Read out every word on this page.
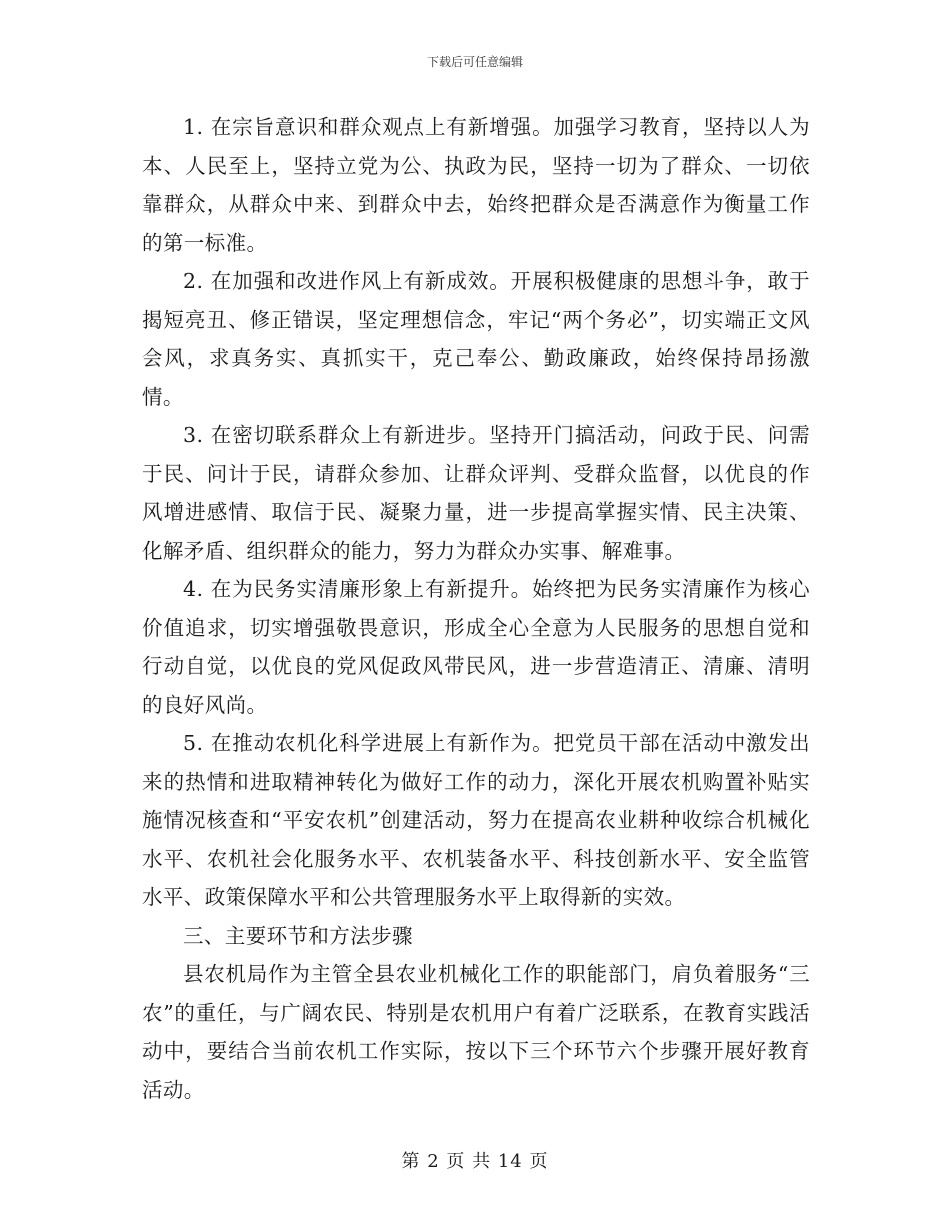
下载后可任意编辑

1. 在宗旨意识和群众观点上有新增强。加强学习教育，坚持以人为本、人民至上，坚持立党为公、执政为民，坚持一切为了群众、一切依靠群众，从群众中来、到群众中去，始终把群众是否满意作为衡量工作的第一标准。

2. 在加强和改进作风上有新成效。开展积极健康的思想斗争，敢于揭短亮丑、修正错误，坚定理想信念，牢记“两个务必”，切实端正文风会风，求真务实、真抓实干，克己奉公、勤政廉政，始终保持昂扬激情。

3. 在密切联系群众上有新进步。坚持开门搞活动，问政于民、问需于民、问计于民，请群众参加、让群众评判、受群众监督，以优良的作风增进感情、取信于民、凝聚力量，进一步提高掌握实情、民主决策、化解矛盾、组织群众的能力，努力为群众办实事、解难事。

4. 在为民务实清廉形象上有新提升。始终把为民务实清廉作为核心价值追求，切实增强敬畏意识，形成全心全意为人民服务的思想自觉和行动自觉，以优良的党风促政风带民风，进一步营造清正、清廉、清明的良好风尚。

5. 在推动农机化科学进展上有新作为。把党员干部在活动中激发出来的热情和进取精神转化为做好工作的动力，深化开展农机购置补贴实施情况核查和“平安农机”创建活动，努力在提高农业耕种收综合机械化水平、农机社会化服务水平、农机装备水平、科技创新水平、安全监管水平、政策保障水平和公共管理服务水平上取得新的实效。

三、主要环节和方法步骤

县农机局作为主管全县农业机械化工作的职能部门，肩负着服务“三农”的重任，与广阔农民、特别是农机用户有着广泛联系，在教育实践活动中，要结合当前农机工作实际，按以下三个环节六个步骤开展好教育活动。

第 2 页 共 14 页
